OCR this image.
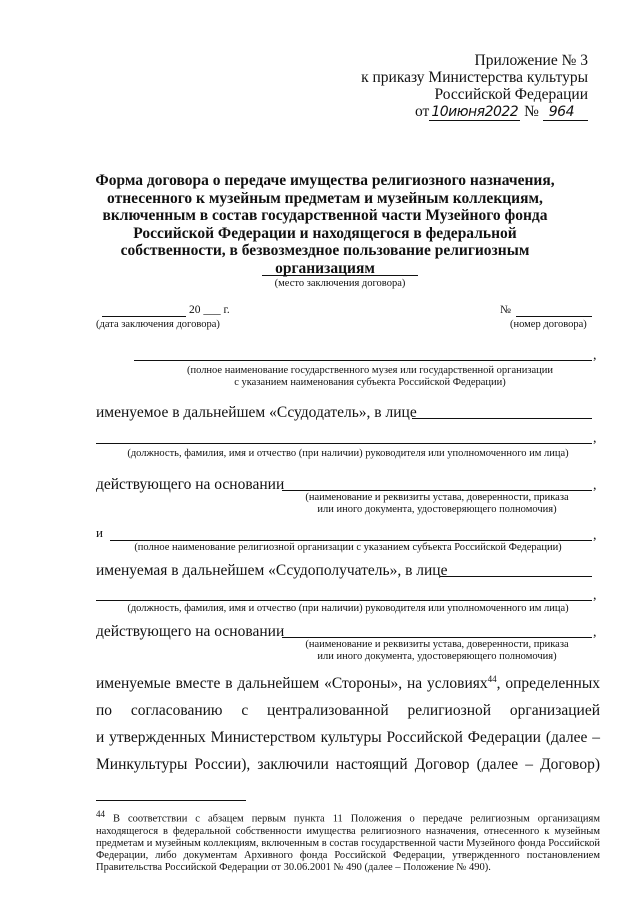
Приложение № 3
к приказу Министерства культуры
Российской Федерации
от 10июня2022 № 964
Форма договора о передаче имущества религиозного назначения, отнесенного к музейным предметам и музейным коллекциям, включенным в состав государственной части Музейного фонда Российской Федерации и находящегося в федеральной собственности, в безвозмездное пользование религиозным организациям
(место заключения договора)
20 ___ г.
(дата заключения договора)
№
(номер договора)
,
(полное наименование государственного музея или государственной организации
с указанием наименования субъекта Российской Федерации)
именуемое в дальнейшем «Ссудодатель», в лице
,
(должность, фамилия, имя и отчество (при наличии) руководителя или уполномоченного им лица)
действующего на основании	,
(наименование и реквизиты устава, доверенности, приказа
или иного документа, удостоверяющего полномочия)
и	,
(полное наименование религиозной организации с указанием субъекта Российской Федерации)
именуемая в дальнейшем «Ссудополучатель», в лице
,
(должность, фамилия, имя и отчество (при наличии) руководителя или уполномоченного им лица)
действующего на основании	,
(наименование и реквизиты устава, доверенности, приказа
или иного документа, удостоверяющего полномочия)
именуемые вместе в дальнейшем «Стороны», на условиях$^{44}$, определенных
по согласованию с централизованной религиозной организацией
и утвержденных Министерством культуры Российской Федерации (далее –
Минкультуры России), заключили настоящий Договор (далее – Договор)
$^{44}$ В соответствии с абзацем первым пункта 11 Положения о передаче религиозным организациям находящегося в федеральной собственности имущества религиозного назначения, отнесенного к музейным предметам и музейным коллекциям, включенным в состав государственной части Музейного фонда Российской Федерации, либо документам Архивного фонда Российской Федерации, утвержденного постановлением Правительства Российской Федерации от 30.06.2001 № 490 (далее – Положение № 490).
